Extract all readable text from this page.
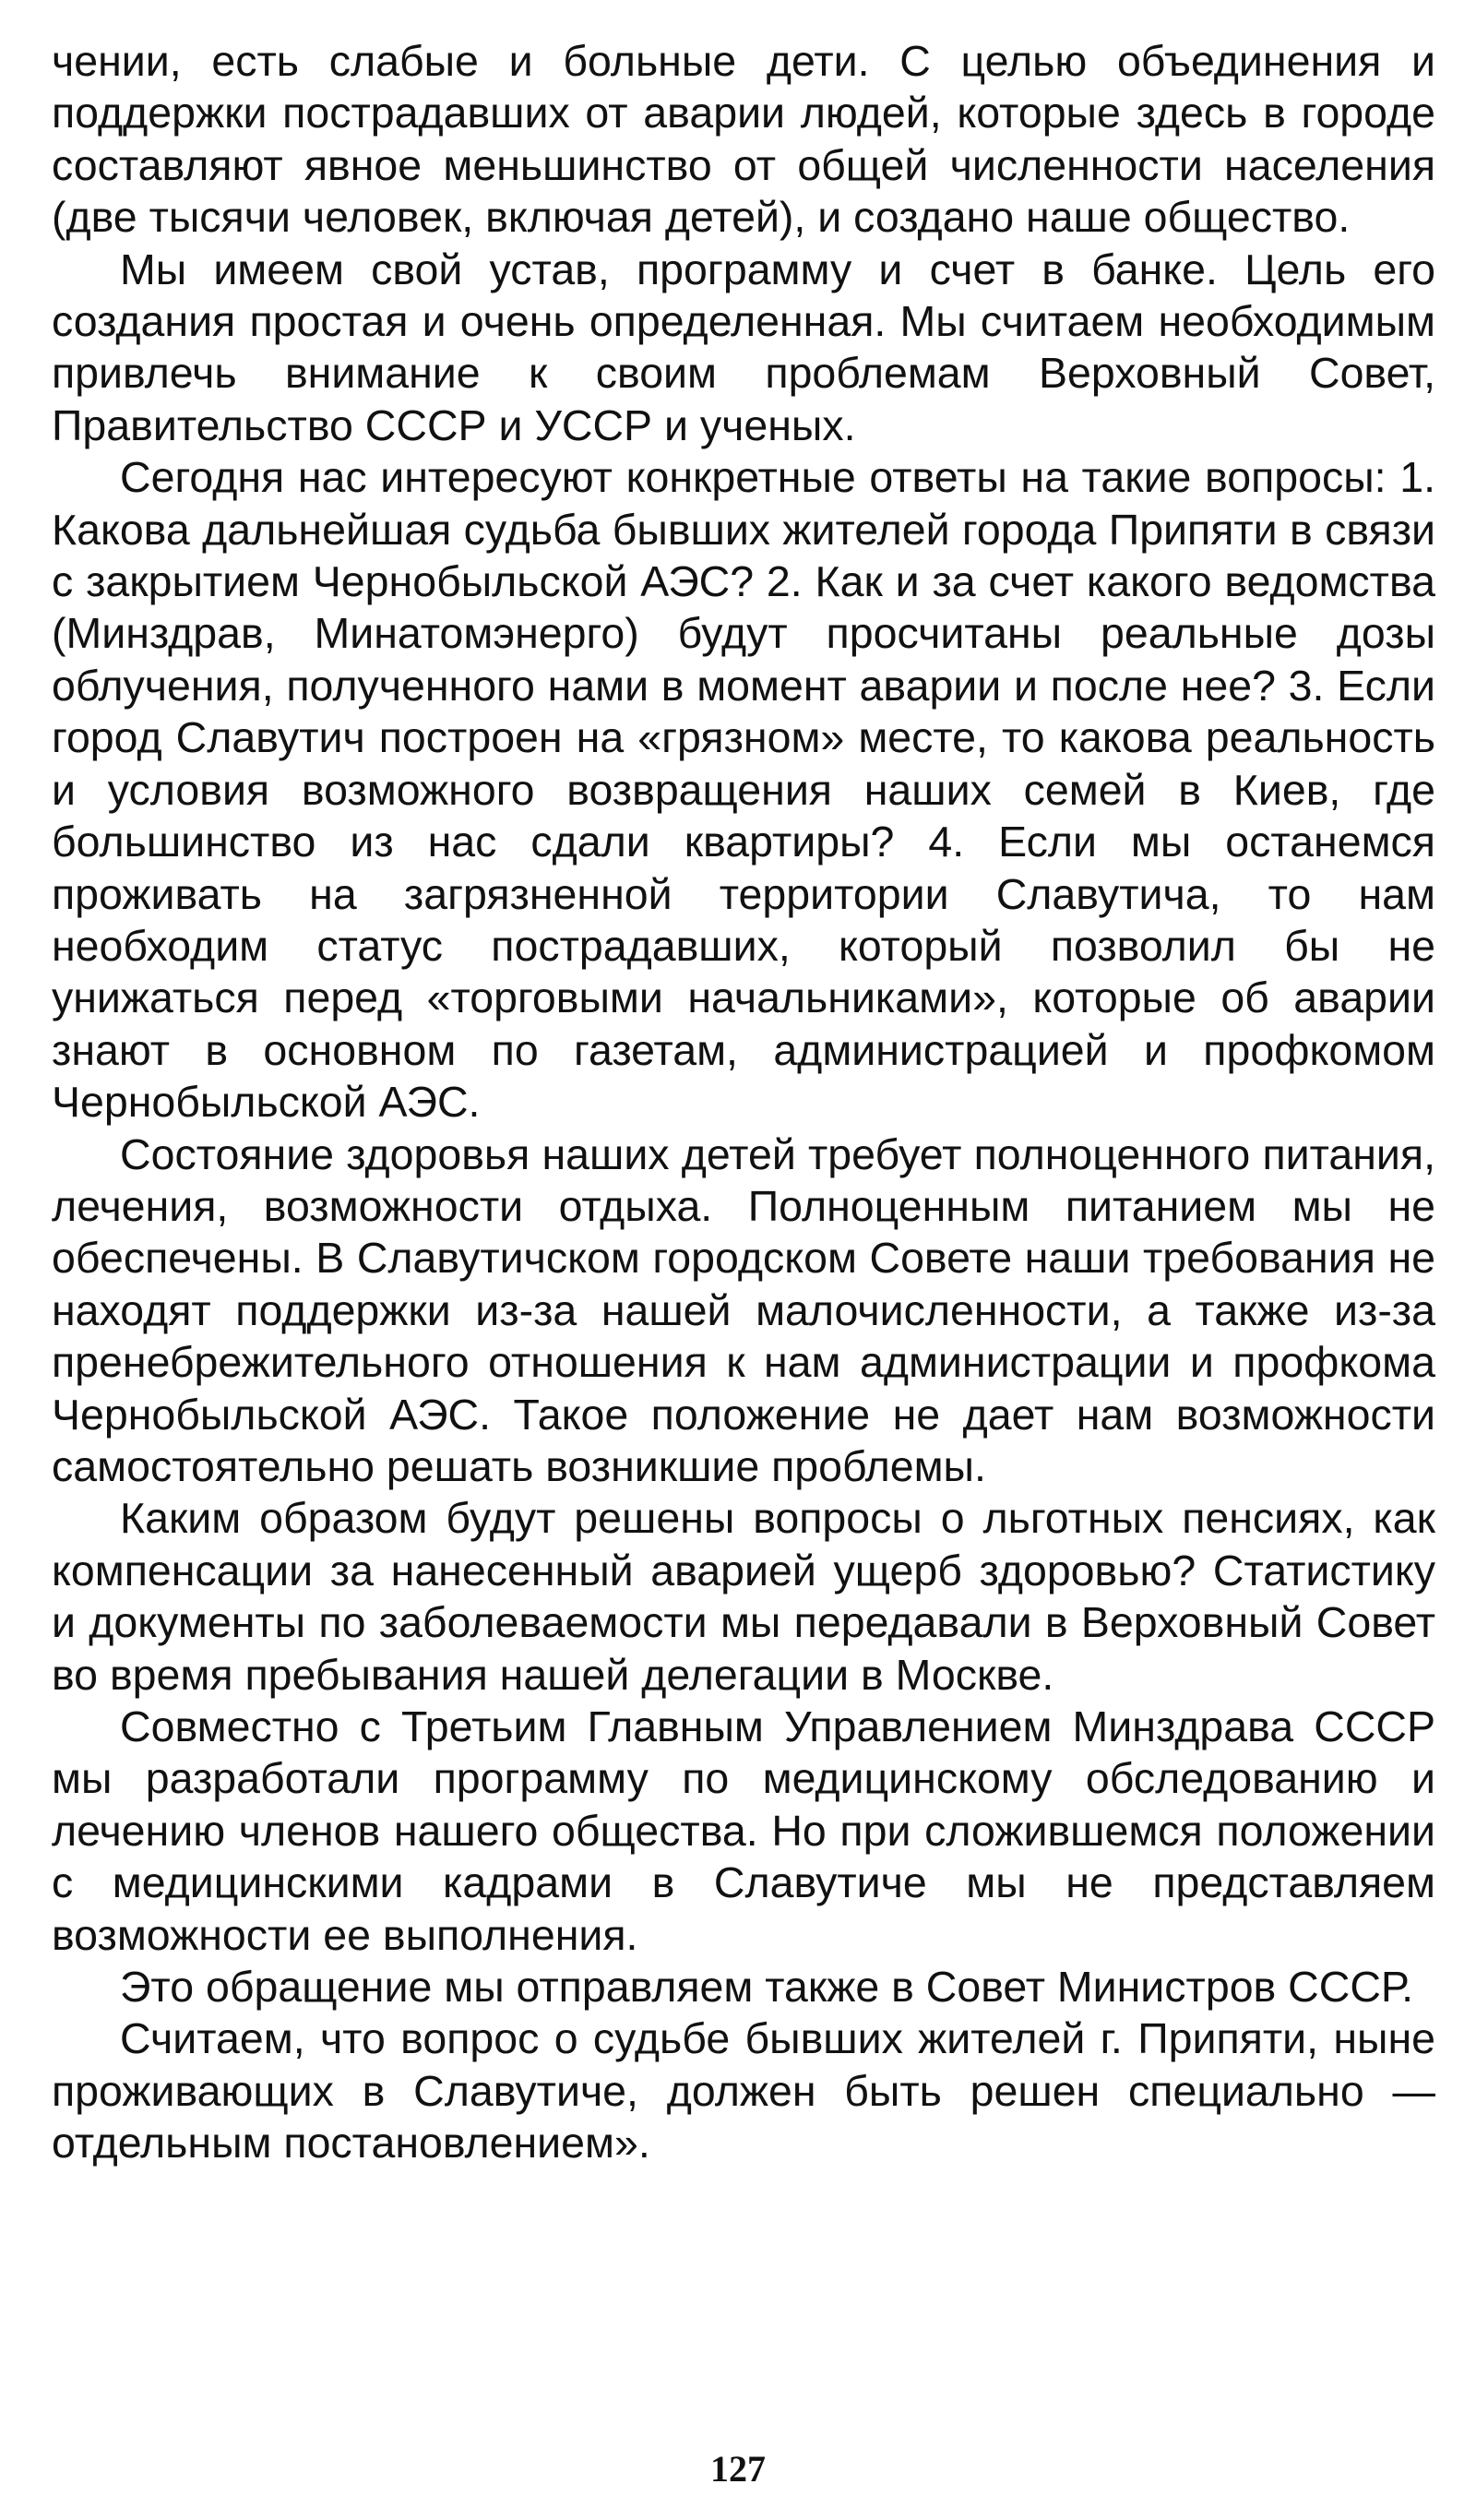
чении, есть слабые и больные дети. С целью объединения и поддержки пострадавших от аварии людей, которые здесь в городе составляют явное меньшинство от общей численности населения (две тысячи человек, включая детей), и создано наше общество.

Мы имеем свой устав, программу и счет в банке. Цель его создания простая и очень определенная. Мы считаем необходимым привлечь внимание к своим проблемам Верховный Совет, Правительство СССР и УССР и ученых.

Сегодня нас интересуют конкретные ответы на такие вопросы: 1. Какова дальнейшая судьба бывших жителей города Припяти в связи с закрытием Чернобыльской АЭС? 2. Как и за счет какого ведомства (Минздрав, Минатомэнерго) будут просчитаны реальные дозы облучения, полученного нами в момент аварии и после нее? 3. Если город Славутич построен на «грязном» месте, то какова реальность и условия возможного возвращения наших семей в Киев, где большинство из нас сдали квартиры? 4. Если мы останемся проживать на загрязненной территории Славутича, то нам необходим статус пострадавших, который позволил бы не унижаться перед «торговыми начальниками», которые об аварии знают в основном по газетам, администрацией и профкомом Чернобыльской АЭС.

Состояние здоровья наших детей требует полноценного питания, лечения, возможности отдыха. Полноценным питанием мы не обеспечены. В Славутичском городском Совете наши требования не находят поддержки из-за нашей малочисленности, а также из-за пренебрежительного отношения к нам администрации и профкома Чернобыльской АЭС. Такое положение не дает нам возможности самостоятельно решать возникшие проблемы.

Каким образом будут решены вопросы о льготных пенсиях, как компенсации за нанесенный аварией ущерб здоровью? Статистику и документы по заболеваемости мы передавали в Верховный Совет во время пребывания нашей делегации в Москве.

Совместно с Третьим Главным Управлением Минздрава СССР мы разработали программу по медицинскому обследованию и лечению членов нашего общества. Но при сложившемся положении с медицинскими кадрами в Славутиче мы не представляем возможности ее выполнения.

Это обращение мы отправляем также в Совет Министров СССР.

Считаем, что вопрос о судьбе бывших жителей г. Припяти, ныне проживающих в Славутиче, должен быть решен специально — отдельным постановлением».

127
